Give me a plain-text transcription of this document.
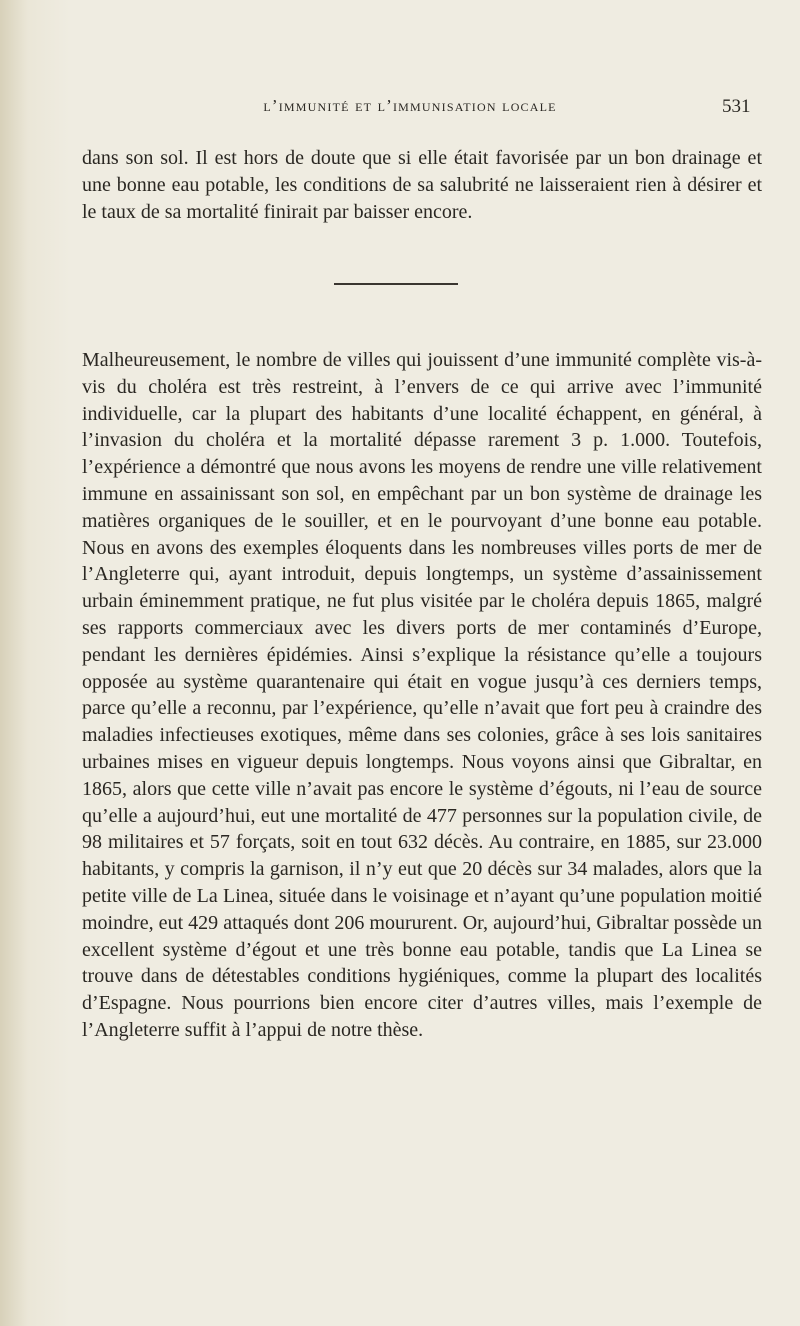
l’immunité et l’immunisation locale	531

dans son sol. Il est hors de doute que si elle était favorisée par un bon drainage et une bonne eau potable, les conditions de sa salubrité ne laisseraient rien à désirer et le taux de sa mortalité finirait par baisser encore.

Malheureusement, le nombre de villes qui jouissent d’une immunité complète vis-à-vis du choléra est très restreint, à l’envers de ce qui arrive avec l’immunité individuelle, car la plupart des habitants d’une localité échappent, en général, à l’invasion du choléra et la mortalité dépasse rarement 3 p. 1.000. Toutefois, l’expérience a démontré que nous avons les moyens de rendre une ville relativement immune en assainissant son sol, en empêchant par un bon système de drainage les matières organiques de le souiller, et en le pourvoyant d’une bonne eau potable. Nous en avons des exemples éloquents dans les nombreuses villes ports de mer de l’Angleterre qui, ayant introduit, depuis longtemps, un système d’assainissement urbain éminemment pratique, ne fut plus visitée par le choléra depuis 1865, malgré ses rapports commerciaux avec les divers ports de mer contaminés d’Europe, pendant les dernières épidémies. Ainsi s’explique la résistance qu’elle a toujours opposée au système quarantenaire qui était en vogue jusqu’à ces derniers temps, parce qu’elle a reconnu, par l’expérience, qu’elle n’avait que fort peu à craindre des maladies infectieuses exotiques, même dans ses colonies, grâce à ses lois sanitaires urbaines mises en vigueur depuis longtemps. Nous voyons ainsi que Gibraltar, en 1865, alors que cette ville n’avait pas encore le système d’égouts, ni l’eau de source qu’elle a aujourd’hui, eut une mortalité de 477 personnes sur la population civile, de 98 militaires et 57 forçats, soit en tout 632 décès. Au contraire, en 1885, sur 23.000 habitants, y compris la garnison, il n’y eut que 20 décès sur 34 malades, alors que la petite ville de La Linea, située dans le voisinage et n’ayant qu’une population moitié moindre, eut 429 attaqués dont 206 moururent. Or, aujourd’hui, Gibraltar possède un excellent système d’égout et une très bonne eau potable, tandis que La Linea se trouve dans de détestables conditions hygiéniques, comme la plupart des localités d’Espagne. Nous pourrions bien encore citer d’autres villes, mais l’exemple de l’Angleterre suffit à l’appui de notre thèse.
